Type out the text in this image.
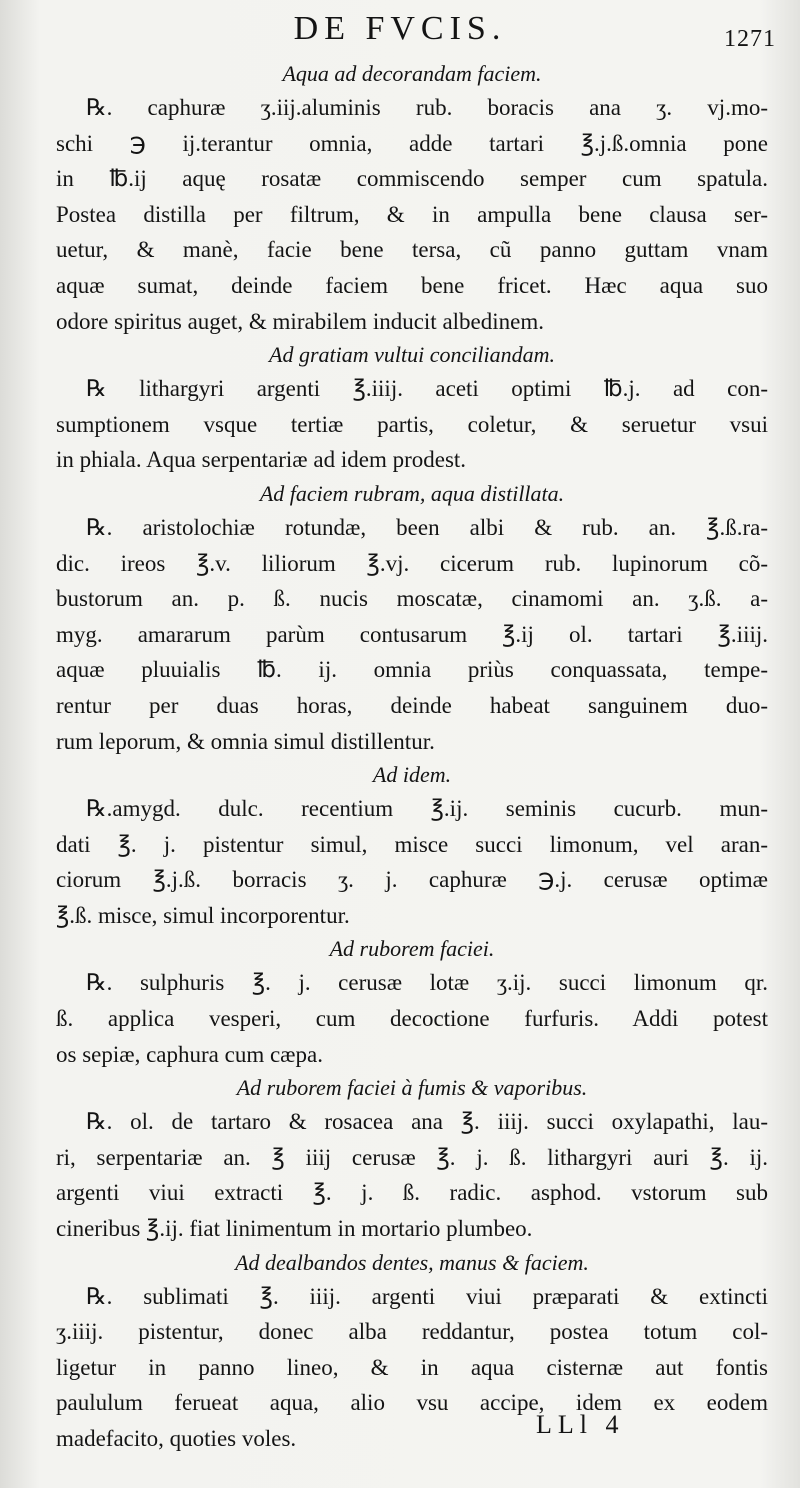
DE FVCIS.	1271
Aqua ad decorandam faciem.
℞. caphuræ ʒ.iij.aluminis rub. boracis ana ʒ. vj.mo-
schi ℈ ij.terantur omnia, adde tartari ℥.j.ß.omnia pone
in ℔.ij aquę rosatæ commiscendo semper cum spatula.
Postea distilla per filtrum, & in ampulla bene clausa ser-
uetur, & manè, facie bene tersa, cũ panno guttam vnam
aquæ sumat, deinde faciem bene fricet. Hæc aqua suo
odore spiritus auget, & mirabilem inducit albedinem.
Ad gratiam vultui conciliandam.
℞ lithargyri argenti ℥.iiij. aceti optimi ℔.j. ad con-
sumptionem vsque tertiæ partis, coletur, & seruetur vsui
in phiala. Aqua serpentariæ ad idem prodest.
Ad faciem rubram, aqua distillata.
℞. aristolochiæ rotundæ, been albi & rub. an. ℥.ß.ra-
dic. ireos ℥.v. liliorum ℥.vj. cicerum rub. lupinorum cõ-
bustorum an. p. ß. nucis moscatæ, cinamomi an. ʒ.ß. a-
myg. amararum parùm contusarum ℥.ij ol. tartari ℥.iiij.
aquæ pluuialis ℔. ij. omnia priùs conquassata, tempe-
rentur per duas horas, deinde habeat sanguinem duo-
rum leporum, & omnia simul distillentur.
Ad idem.
℞.amygd. dulc. recentium ℥.ij. seminis cucurb. mun-
dati ℥. j. pistentur simul, misce succi limonum, vel aran-
ciorum ℥.j.ß. borracis ʒ. j. caphuræ ℈.j. cerusæ optimæ
℥.ß. misce, simul incorporentur.
Ad ruborem faciei.
℞. sulphuris ℥. j. cerusæ lotæ ʒ.ij. succi limonum qr.
ß. applica vesperi, cum decoctione furfuris. Addi potest
os sepiæ, caphura cum cæpa.
Ad ruborem faciei à fumis & vaporibus.
℞. ol. de tartaro & rosacea ana ℥. iiij. succi oxylapathi, lau-
ri, serpentariæ an. ℥ iiij cerusæ ℥. j. ß. lithargyri auri ℥. ij.
argenti viui extracti ℥. j. ß. radic. asphod. vstorum sub
cineribus ℥.ij. fiat linimentum in mortario plumbeo.
Ad dealbandos dentes, manus & faciem.
℞. sublimati ℥. iiij. argenti viui præparati & extincti
ʒ.iiij. pistentur, donec alba reddantur, postea totum col-
ligetur in panno lineo, & in aqua cisternæ aut fontis
paululum ferueat aqua, alio vsu accipe, idem ex eodem
madefacito, quoties voles.	LLl 4
